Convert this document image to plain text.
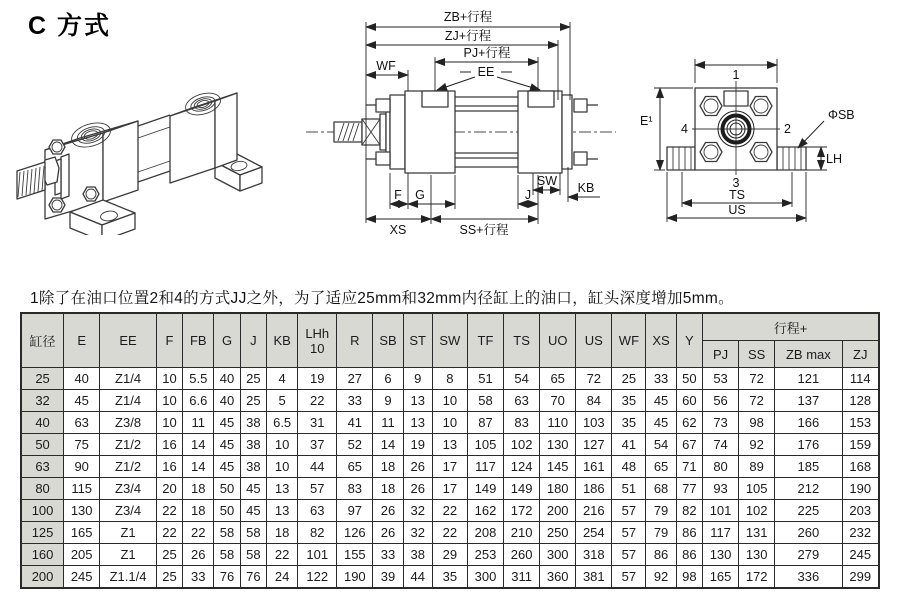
C 方式	ZB+行程
ZJ+行程
PJ+行程
WF	EE
SW KB
F G	J
XS	SS+行程
1
4	2
3
E¹	ΦSB
LH
TS
US

1除了在油口位置2和4的方式JJ之外，为了适应25mm和32mm内径缸上的油口，缸头深度增加5mm。

缸径	E	EE	F	FB	G	J	KB	LHh
10	R	SB	ST	SW	TF	TS	UO	US	WF	XS	Y	行程+			
																				PJ	SS	ZB max	ZJ
25	40	Z1/4	10	5.5	40	25	4	19	27	6	9	8	51	54	65	72	25	33	50	53	72	121	114
32	45	Z1/4	10	6.6	40	25	5	22	33	9	13	10	58	63	70	84	35	45	60	56	72	137	128
40	63	Z3/8	10	11	45	38	6.5	31	41	11	13	10	87	83	110	103	35	45	62	73	98	166	153
50	75	Z1/2	16	14	45	38	10	37	52	14	19	13	105	102	130	127	41	54	67	74	92	176	159
63	90	Z1/2	16	14	45	38	10	44	65	18	26	17	117	124	145	161	48	65	71	80	89	185	168
80	115	Z3/4	20	18	50	45	13	57	83	18	26	17	149	149	180	186	51	68	77	93	105	212	190
100	130	Z3/4	22	18	50	45	13	63	97	26	32	22	162	172	200	216	57	79	82	101	102	225	203
125	165	Z1	22	22	58	58	18	82	126	26	32	22	208	210	250	254	57	79	86	117	131	260	232
160	205	Z1	25	26	58	58	22	101	155	33	38	29	253	260	300	318	57	86	86	130	130	279	245
200	245	Z1.1/4	25	33	76	76	24	122	190	39	44	35	300	311	360	381	57	92	98	165	172	336	299
